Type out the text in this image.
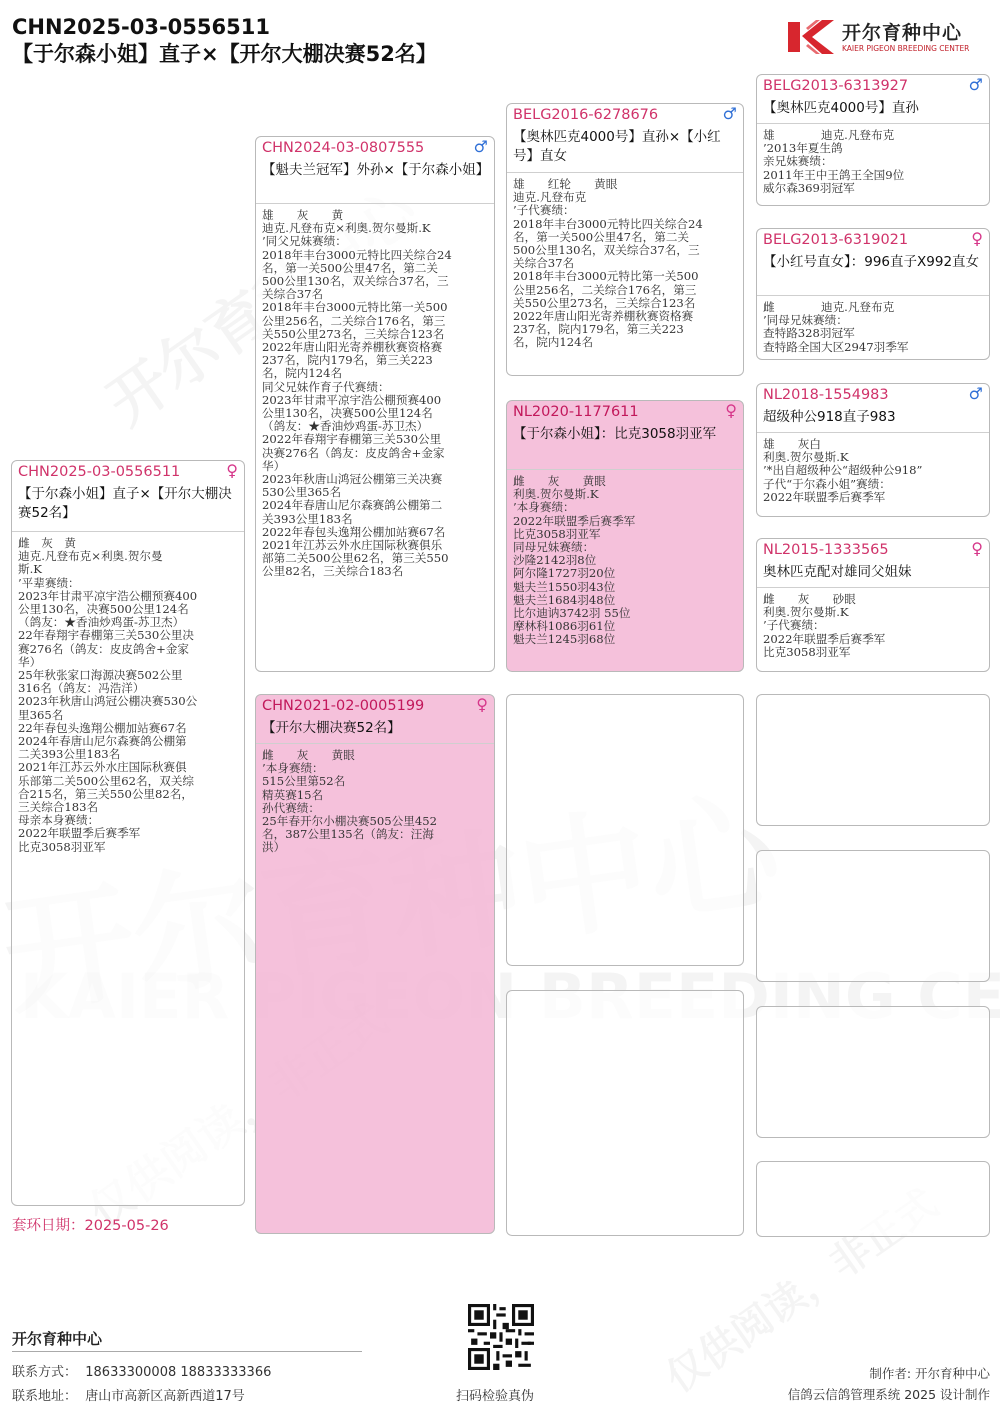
CHN2025-03-0556511
【于尔森小姐】直子×【开尔大棚决赛52名】
开尔育种中心
KAIER PIGEON BREEDING CENTER
CHN2025-03-0556511	♀
【于尔森小姐】直子×【开尔大棚决赛52名】
雌　灰　黄
迪克.凡登布克×利奥.贺尔曼
斯.K
’平辈赛绩：
2023年甘肃平凉宇浩公棚预赛400
公里130名，决赛500公里124名
（鸽友：★香油炒鸡蛋-苏卫杰）
22年春翔宇春棚第三关530公里决
赛276名（鸽友：皮皮鸽舍+金家
华）
25年秋张家口海源决赛502公里
316名（鸽友：冯浩洋）
2023年秋唐山鸿冠公棚决赛530公
里365名
22年春包头逸翔公棚加站赛67名
2024年春唐山尼尔森赛鸽公棚第
二关393公里183名
2021年江苏云外水庄国际秋赛俱
乐部第二关500公里62名，双关综
合215名，第三关550公里82名，
三关综合183名
母亲本身赛绩：
2022年联盟季后赛季军
比克3058羽亚军
CHN2024-03-0807555	♂
【魁夫兰冠军】外孙×【于尔森小姐】
雄　　灰　　黄
迪克.凡登布克×利奥.贺尔曼斯.K
’同父兄妹赛绩：
2018年丰台3000元特比四关综合24
名，第一关500公里47名，第二关
500公里130名，双关综合37名，三
关综合37名
2018年丰台3000元特比第一关500
公里256名，二关综合176名，第三
关550公里273名，三关综合123名
2022年唐山阳光寄养棚秋赛资格赛
237名，院内179名，第三关223
名，院内124名
同父兄妹作育子代赛绩：
2023年甘肃平凉宇浩公棚预赛400
公里130名，决赛500公里124名
（鸽友：★香油炒鸡蛋-苏卫杰）
2022年春翔宇春棚第三关530公里
决赛276名（鸽友：皮皮鸽舍+金家
华）
2023年秋唐山鸿冠公棚第三关决赛
530公里365名
2024年春唐山尼尔森赛鸽公棚第二
关393公里183名
2022年春包头逸翔公棚加站赛67名
2021年江苏云外水庄国际秋赛俱乐
部第二关500公里62名，第三关550
公里82名，三关综合183名
CHN2021-02-0005199	♀
【开尔大棚决赛52名】
雌　　灰　　黄眼
’本身赛绩：
515公里第52名
精英赛15名
孙代赛绩：
25年春开尔小棚决赛505公里452
名，387公里135名（鸽友：汪海
洪）
BELG2016-6278676	♂
【奥林匹克4000号】直孙×【小红号】直女
雄　　红轮　　黄眼
迪克.凡登布克
’子代赛绩：
2018年丰台3000元特比四关综合24
名，第一关500公里47名，第二关
500公里130名，双关综合37名，三
关综合37名
2018年丰台3000元特比第一关500
公里256名，二关综合176名，第三
关550公里273名，三关综合123名
2022年唐山阳光寄养棚秋赛资格赛
237名，院内179名，第三关223
名，院内124名
NL2020-1177611	♀
【于尔森小姐】：比克3058羽亚军
雌　　灰　　黄眼
利奥.贺尔曼斯.K
’本身赛绩：
2022年联盟季后赛季军
比克3058羽亚军
同母兄妹赛绩：
沙隆2142羽8位
阿尔隆1727羽20位
魁夫兰1550羽43位
魁夫兰1684羽48位
比尔迪讷3742羽 55位
摩林科1086羽61位
魁夫兰1245羽68位
BELG2013-6313927	♂
【奥林匹克4000号】直孙
雄　　　　迪克.凡登布克
’2013年夏生鸽
亲兄妹赛绩：
2011年王中王鸽王全国9位
威尔森369羽冠军
BELG2013-6319021	♀
【小红号直女】：996直子X992直女
雌　　　　迪克.凡登布克
’同母兄妹赛绩：
查特路328羽冠军
查特路全国大区2947羽季军
NL2018-1554983	♂
超级种公918直子983
雄　　灰白
利奥.贺尔曼斯.K
’*出自超级种公“超级种公918”
子代“于尔森小姐”赛绩：
2022年联盟季后赛季军
NL2015-1333565	♀
奥林匹克配对雄同父姐妹
雌　　灰　　砂眼
利奥.贺尔曼斯.K
’子代赛绩：
2022年联盟季后赛季军
比克3058羽亚军
套环日期：2025-05-26
开尔育种中心
联系方式：  18633300008 18833333366
联系地址：  唐山市高新区高新西道17号	扫码检验真伪
制作者: 开尔育种中心
信鸽云信鸽管理系统 2025 设计制作
